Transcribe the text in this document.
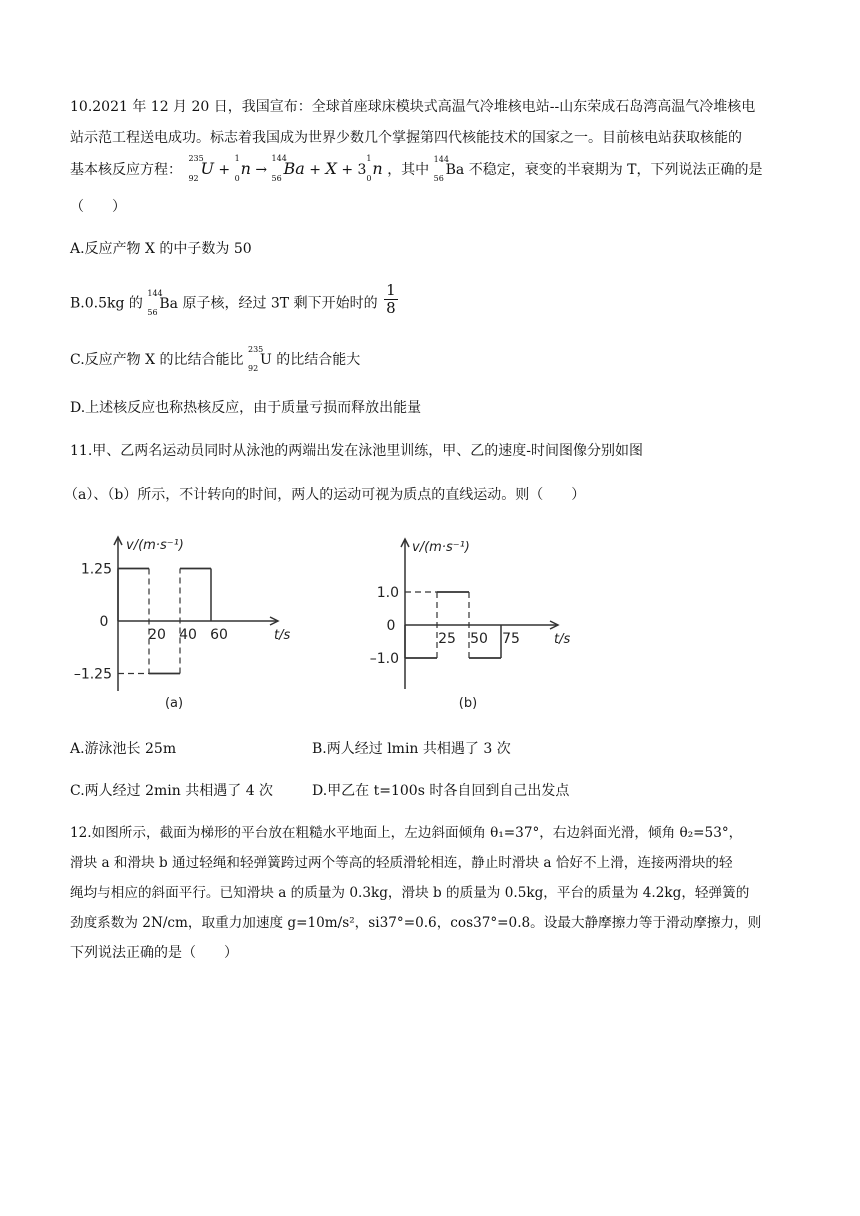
10.2021 年 12 月 20 日，我国宣布：全球首座球床模块式高温气冷堆核电站--山东荣成石岛湾高温气冷堆核电
站示范工程送电成功。标志着我国成为世界少数几个掌握第四代核能技术的国家之一。目前核电站获取核能的
基本核反应方程：
235
92
U +
1
0
n →
144
56
Ba + X + 3
1
0
n ，其中
144
56
Ba 不稳定，衰变的半衰期为 T，下列说法正确的是
（　　）
A.反应产物 X 的中子数为 50
B.0.5kg 的
144
56
Ba 原子核，经过 3T 剩下开始时的 $\frac{1}{8}$
C.反应产物 X 的比结合能比
235
92
U 的比结合能大
D.上述核反应也称热核反应，由于质量亏损而释放出能量
11.甲、乙两名运动员同时从泳池的两端出发在泳池里训练，甲、乙的速度-时间图像分别如图
（a）、（b）所示，不计转向的时间，两人的运动可视为质点的直线运动。则（　　）
v/(m·s⁻¹)
t/s
0
1.25
–1.25
20 40 60
(a)
v/(m·s⁻¹)
t/s
0
1.0
–1.0
25 50 75
(b)
A.游泳池长 25m	B.两人经过 lmin 共相遇了 3 次
C.两人经过 2min 共相遇了 4 次	D.甲乙在 t=100s 时各自回到自己出发点
12.如图所示，截面为梯形的平台放在粗糙水平地面上，左边斜面倾角 θ₁=37°，右边斜面光滑，倾角 θ₂=53°，
滑块 a 和滑块 b 通过轻绳和轻弹簧跨过两个等高的轻质滑轮相连，静止时滑块 a 恰好不上滑，连接两滑块的轻
绳均与相应的斜面平行。已知滑块 a 的质量为 0.3kg，滑块 b 的质量为 0.5kg，平台的质量为 4.2kg，轻弹簧的
劲度系数为 2N/cm，取重力加速度 g=10m/s²，si37°=0.6，cos37°=0.8。设最大静摩擦力等于滑动摩擦力，则
下列说法正确的是（　　）
